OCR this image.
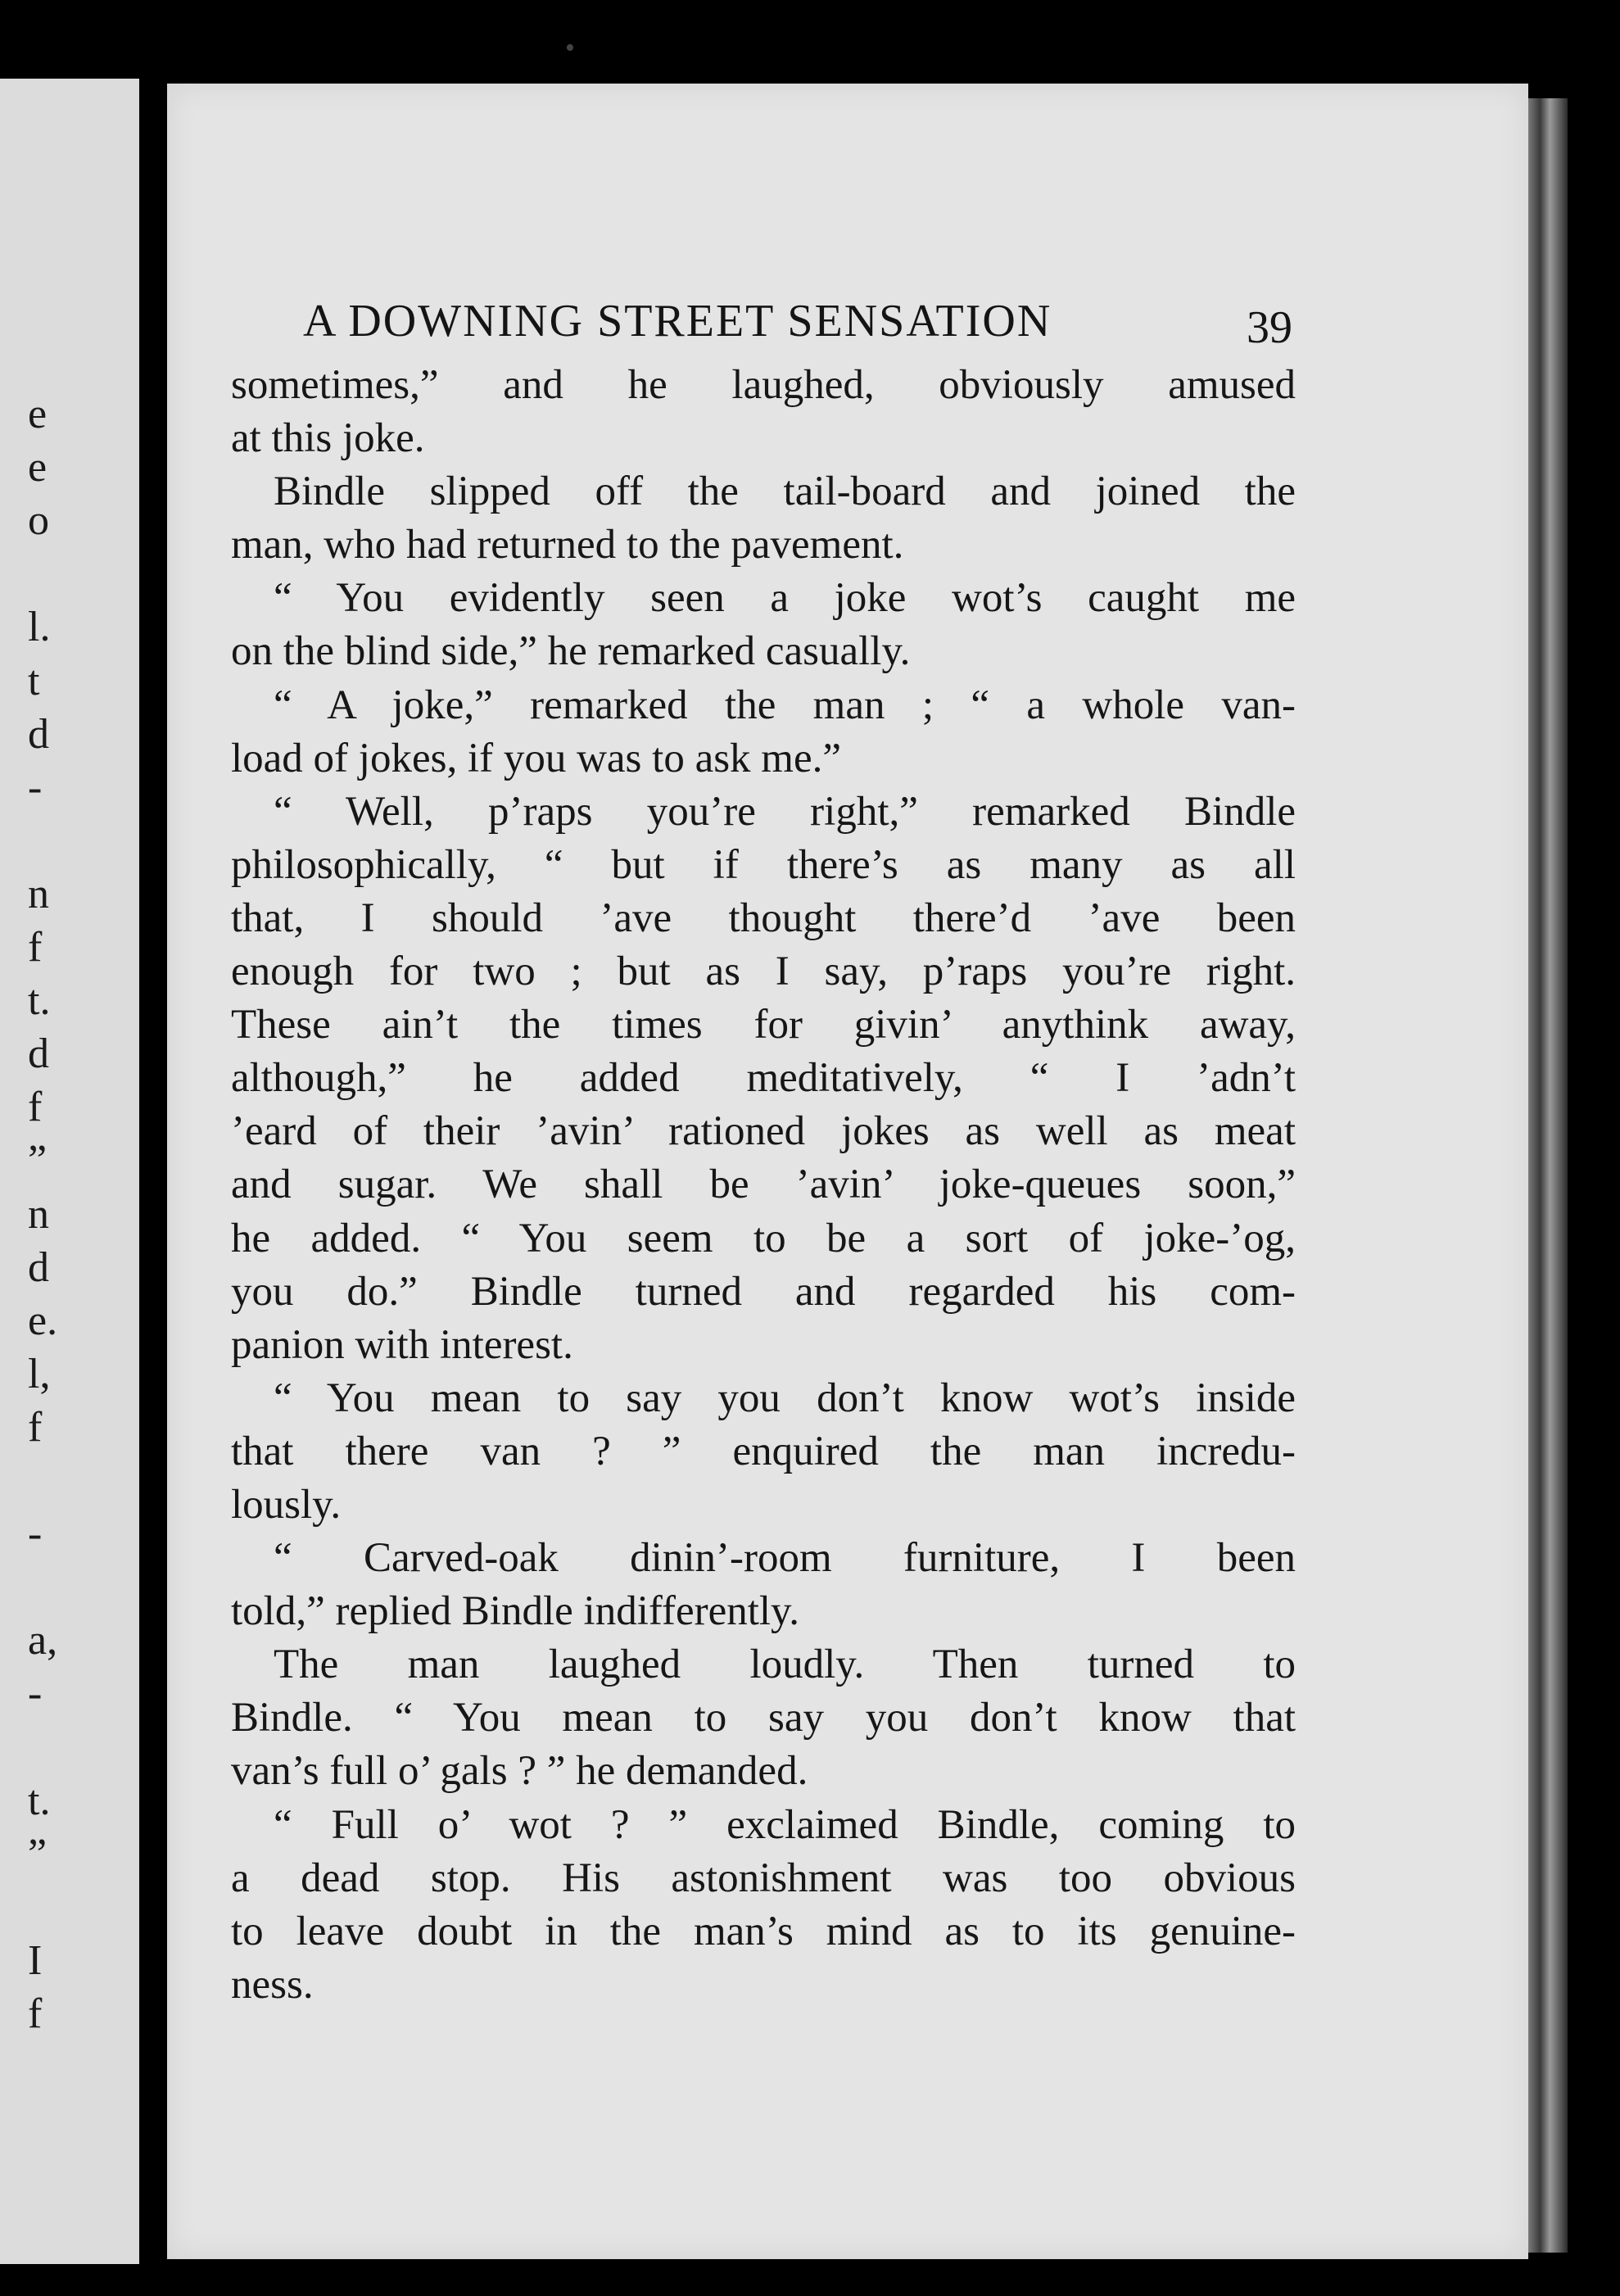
e
e
o
l.
t
d
-
n
f
t.
d
f
”
n
d
e.
l,
f
-
a,
-
t.
”
I
f
•
A DOWNING STREET SENSATION	39
sometimes,” and he laughed, obviously amused
at this joke.
Bindle slipped off the tail-board and joined the
man, who had returned to the pavement.
“ You evidently seen a joke wot’s caught me
on the blind side,” he remarked casually.
“ A joke,” remarked the man ; “ a whole van-
load of jokes, if you was to ask me.”
“ Well, p’raps you’re right,” remarked Bindle
philosophically, “ but if there’s as many as all
that, I should ’ave thought there’d ’ave been
enough for two ; but as I say, p’raps you’re right.
These ain’t the times for givin’ anythink away,
although,” he added meditatively, “ I ’adn’t
’eard of their ’avin’ rationed jokes as well as meat
and sugar. We shall be ’avin’ joke-queues soon,”
he added. “ You seem to be a sort of joke-’og,
you do.” Bindle turned and regarded his com-
panion with interest.
“ You mean to say you don’t know wot’s inside
that there van ? ” enquired the man incredu-
lously.
“ Carved-oak dinin’-room furniture, I been
told,” replied Bindle indifferently.
The man laughed loudly. Then turned to
Bindle. “ You mean to say you don’t know that
van’s full o’ gals ? ” he demanded.
“ Full o’ wot ? ” exclaimed Bindle, coming to
a dead stop. His astonishment was too obvious
to leave doubt in the man’s mind as to its genuine-
ness.
